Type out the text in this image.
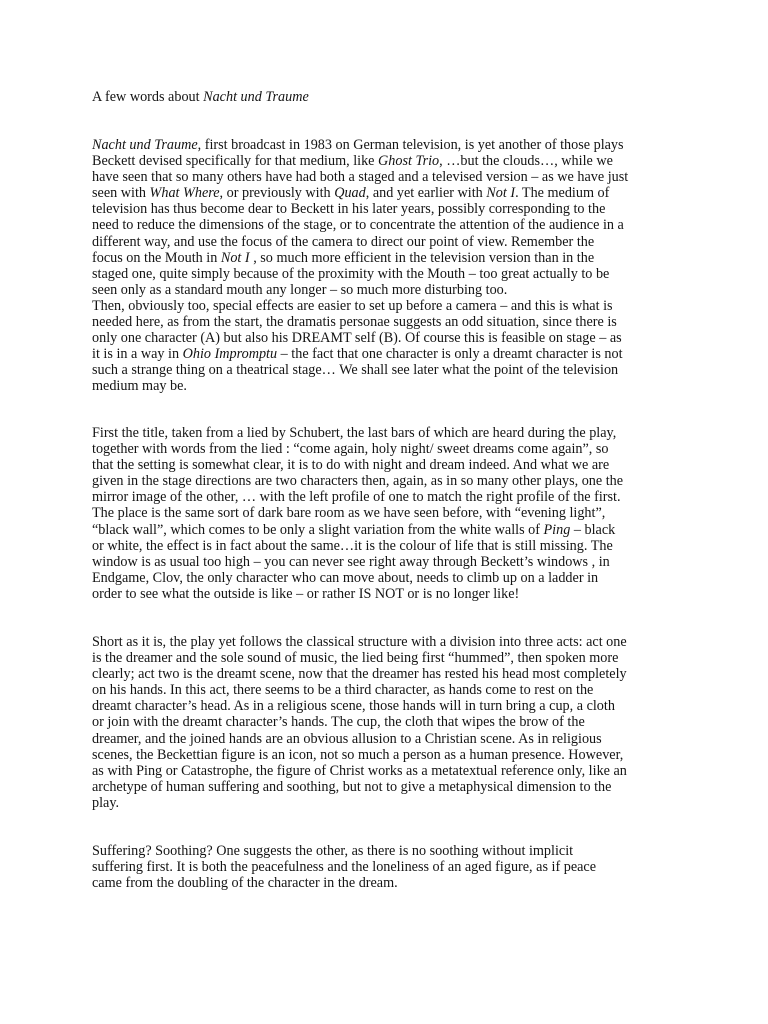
A few words about Nacht und Traume
Nacht und Traume, first broadcast in 1983 on German television, is yet another of those plays
Beckett devised specifically for that medium, like Ghost Trio, …but the clouds…, while we
have seen that so many others have had both a staged and a televised version – as we have just
seen with What Where, or previously with Quad, and yet earlier with Not I. The medium of
television has thus become dear to Beckett in his later years, possibly corresponding to the
need to reduce the dimensions of the stage, or to concentrate the attention of the audience in a
different way, and use the focus of the camera to direct our point of view. Remember the
focus on the Mouth in Not I , so much more efficient in the television version than in the
staged one, quite simply because of the proximity with the Mouth – too great actually to be
seen only as a standard mouth any longer – so much more disturbing too.
Then, obviously too, special effects are easier to set up before a camera – and this is what is
needed here, as from the start, the dramatis personae suggests an odd situation, since there is
only one character (A) but also his DREAMT self (B). Of course this is feasible on stage – as
it is in a way in Ohio Impromptu – the fact that one character is only a dreamt character is not
such a strange thing on a theatrical stage… We shall see later what the point of the television
medium may be.
First the title, taken from a lied by Schubert, the last bars of which are heard during the play,
together with words from the lied : “come again, holy night/ sweet dreams come again”, so
that the setting is somewhat clear, it is to do with night and dream indeed. And what we are
given in the stage directions are two characters then, again, as in so many other plays, one the
mirror image of the other, … with the left profile of one to match the right profile of the first.
The place is the same sort of dark bare room as we have seen before, with “evening light”,
“black wall”, which comes to be only a slight variation from the white walls of Ping – black
or white, the effect is in fact about the same…it is the colour of life that is still missing. The
window is as usual too high – you can never see right away through Beckett’s windows , in
Endgame, Clov, the only character who can move about, needs to climb up on a ladder in
order to see what the outside is like – or rather IS NOT or is no longer like!
Short as it is, the play yet follows the classical structure with a division into three acts: act one
is the dreamer and the sole sound of music, the lied being first “hummed”, then spoken more
clearly; act two is the dreamt scene, now that the dreamer has rested his head most completely
on his hands. In this act, there seems to be a third character, as hands come to rest on the
dreamt character’s head. As in a religious scene, those hands will in turn bring a cup, a cloth
or join with the dreamt character’s hands. The cup, the cloth that wipes the brow of the
dreamer, and the joined hands are an obvious allusion to a Christian scene. As in religious
scenes, the Beckettian figure is an icon, not so much a person as a human presence. However,
as with Ping or Catastrophe, the figure of Christ works as a metatextual reference only, like an
archetype of human suffering and soothing, but not to give a metaphysical dimension to the
play.
Suffering? Soothing? One suggests the other, as there is no soothing without implicit
suffering first. It is both the peacefulness and the loneliness of an aged figure, as if peace
came from the doubling of the character in the dream.
